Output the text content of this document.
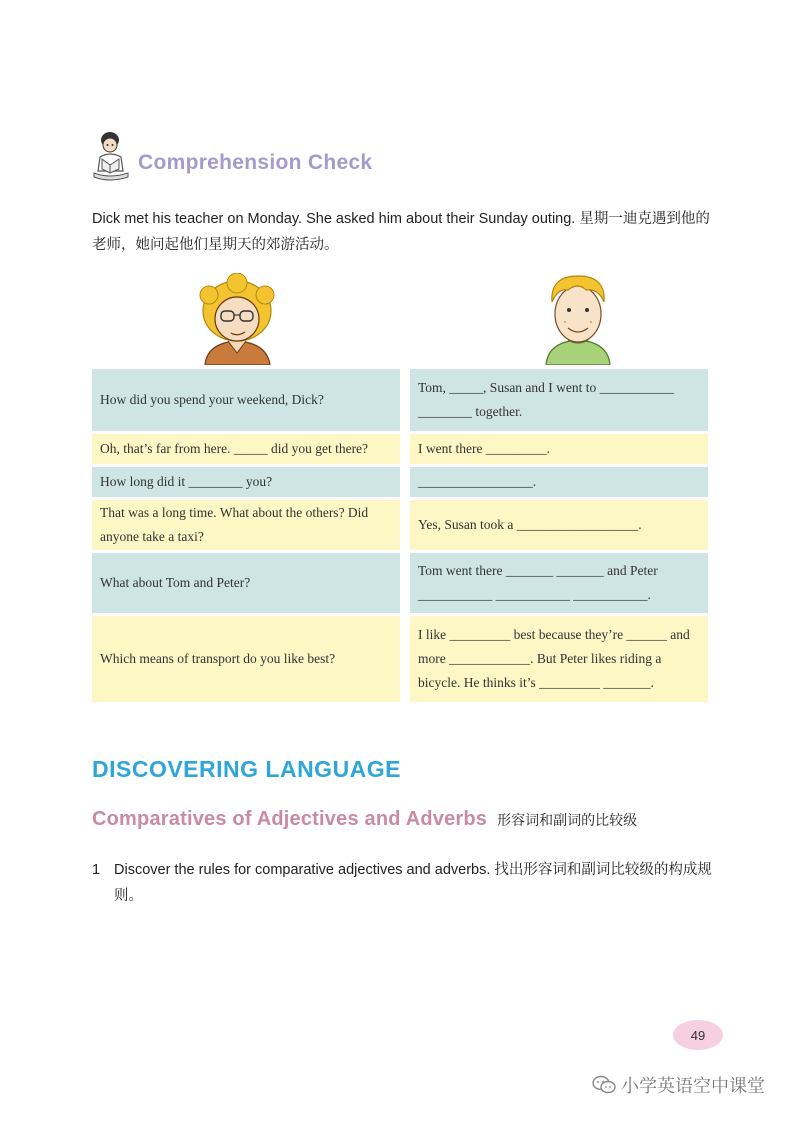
Comprehension Check
Dick met his teacher on Monday. She asked him about their Sunday outing. 星期一迪克遇到他的老师，她问起他们星期天的郊游活动。
How did you spend your weekend, Dick?
Tom, _____, Susan and I went to ___________ ________ together.
Oh, that’s far from here. _____ did you get there?	I went there _________.
How long did it ________ you?	_________________.
That was a long time. What about the others? Did anyone take a taxi?
Yes, Susan took a __________________.
What about Tom and Peter?
Tom went there _______ _______ and Peter ___________ ___________ ___________.
Which means of transport do you like best?
I like _________ best because they’re ______ and more ____________. But Peter likes riding a bicycle. He thinks it’s _________ _______.
DISCOVERING LANGUAGE
Comparatives of Adjectives and Adverbs 形容词和副词的比较级
1 Discover the rules for comparative adjectives and adverbs. 找出形容词和副词比较级的构成规则。
49
小学英语空中课堂
